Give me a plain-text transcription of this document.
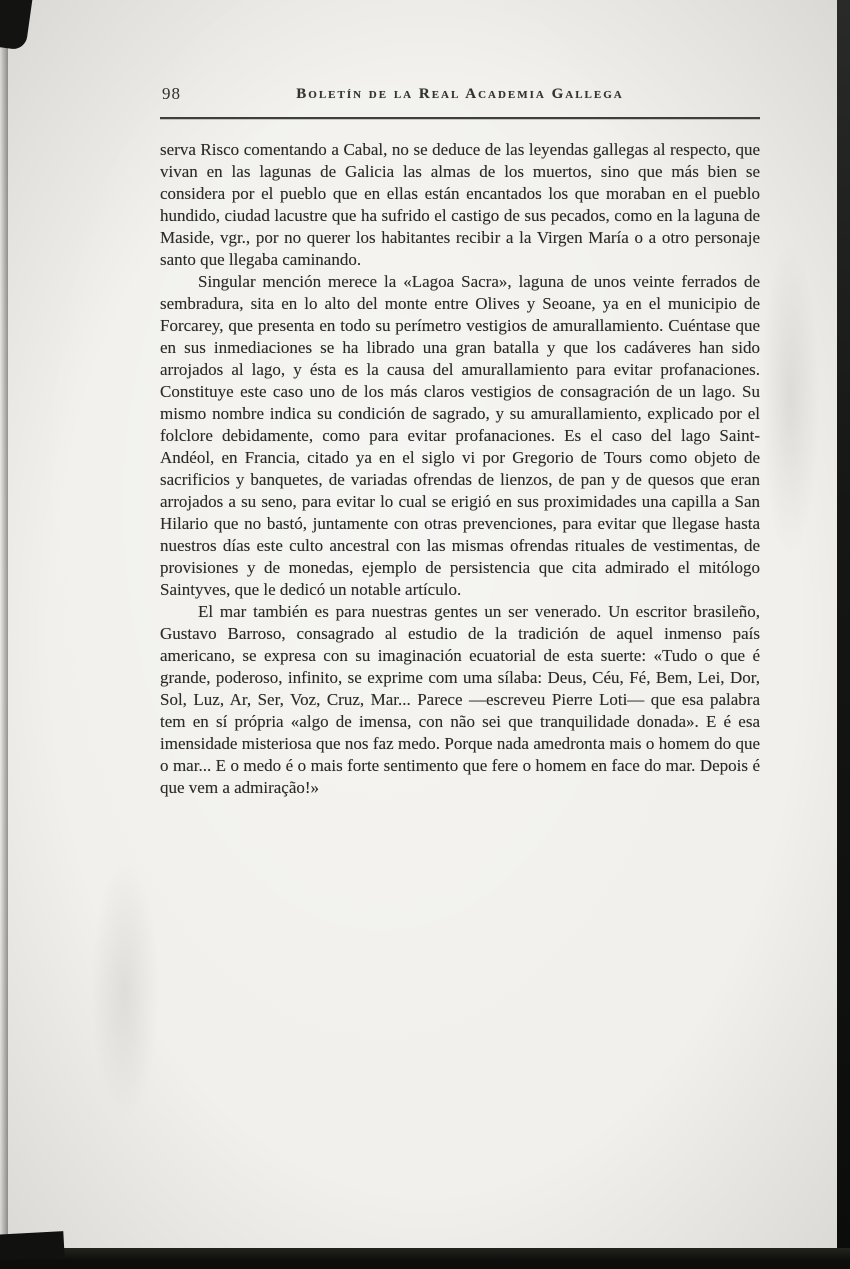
98	Boletín de la Real Academia Gallega

serva Risco comentando a Cabal, no se deduce de las leyendas gallegas al respecto, que vivan en las lagunas de Galicia las almas de los muertos, sino que más bien se considera por el pueblo que en ellas están encantados los que moraban en el pueblo hundido, ciudad lacustre que ha sufrido el castigo de sus pecados, como en la laguna de Maside, vgr., por no querer los habitantes recibir a la Virgen María o a otro personaje santo que llegaba caminando.

Singular mención merece la «Lagoa Sacra», laguna de unos veinte ferrados de sembradura, sita en lo alto del monte entre Olives y Seoane, ya en el municipio de Forcarey, que presenta en todo su perímetro vestigios de amurallamiento. Cuéntase que en sus inmediaciones se ha librado una gran batalla y que los cadáveres han sido arrojados al lago, y ésta es la causa del amurallamiento para evitar profanaciones. Constituye este caso uno de los más claros vestigios de consagración de un lago. Su mismo nombre indica su condición de sagrado, y su amurallamiento, explicado por el folclore debidamente, como para evitar profanaciones. Es el caso del lago Saint-Andéol, en Francia, citado ya en el siglo vi por Gregorio de Tours como objeto de sacrificios y banquetes, de variadas ofrendas de lienzos, de pan y de quesos que eran arrojados a su seno, para evitar lo cual se erigió en sus proximidades una capilla a San Hilario que no bastó, juntamente con otras prevenciones, para evitar que llegase hasta nuestros días este culto ancestral con las mismas ofrendas rituales de vestimentas, de provisiones y de monedas, ejemplo de persistencia que cita admirado el mitólogo Saintyves, que le dedicó un notable artículo.

El mar también es para nuestras gentes un ser venerado. Un escritor brasileño, Gustavo Barroso, consagrado al estudio de la tradición de aquel inmenso país americano, se expresa con su imaginación ecuatorial de esta suerte: «Tudo o que é grande, poderoso, infinito, se exprime com uma sílaba: Deus, Céu, Fé, Bem, Lei, Dor, Sol, Luz, Ar, Ser, Voz, Cruz, Mar... Parece —escreveu Pierre Loti— que esa palabra tem en sí própria «algo de imensa, con não sei que tranquilidade donada». E é esa imensidade misteriosa que nos faz medo. Porque nada amedronta mais o homem do que o mar... E o medo é o mais forte sentimento que fere o homem en face do mar. Depois é que vem a admiração!»
